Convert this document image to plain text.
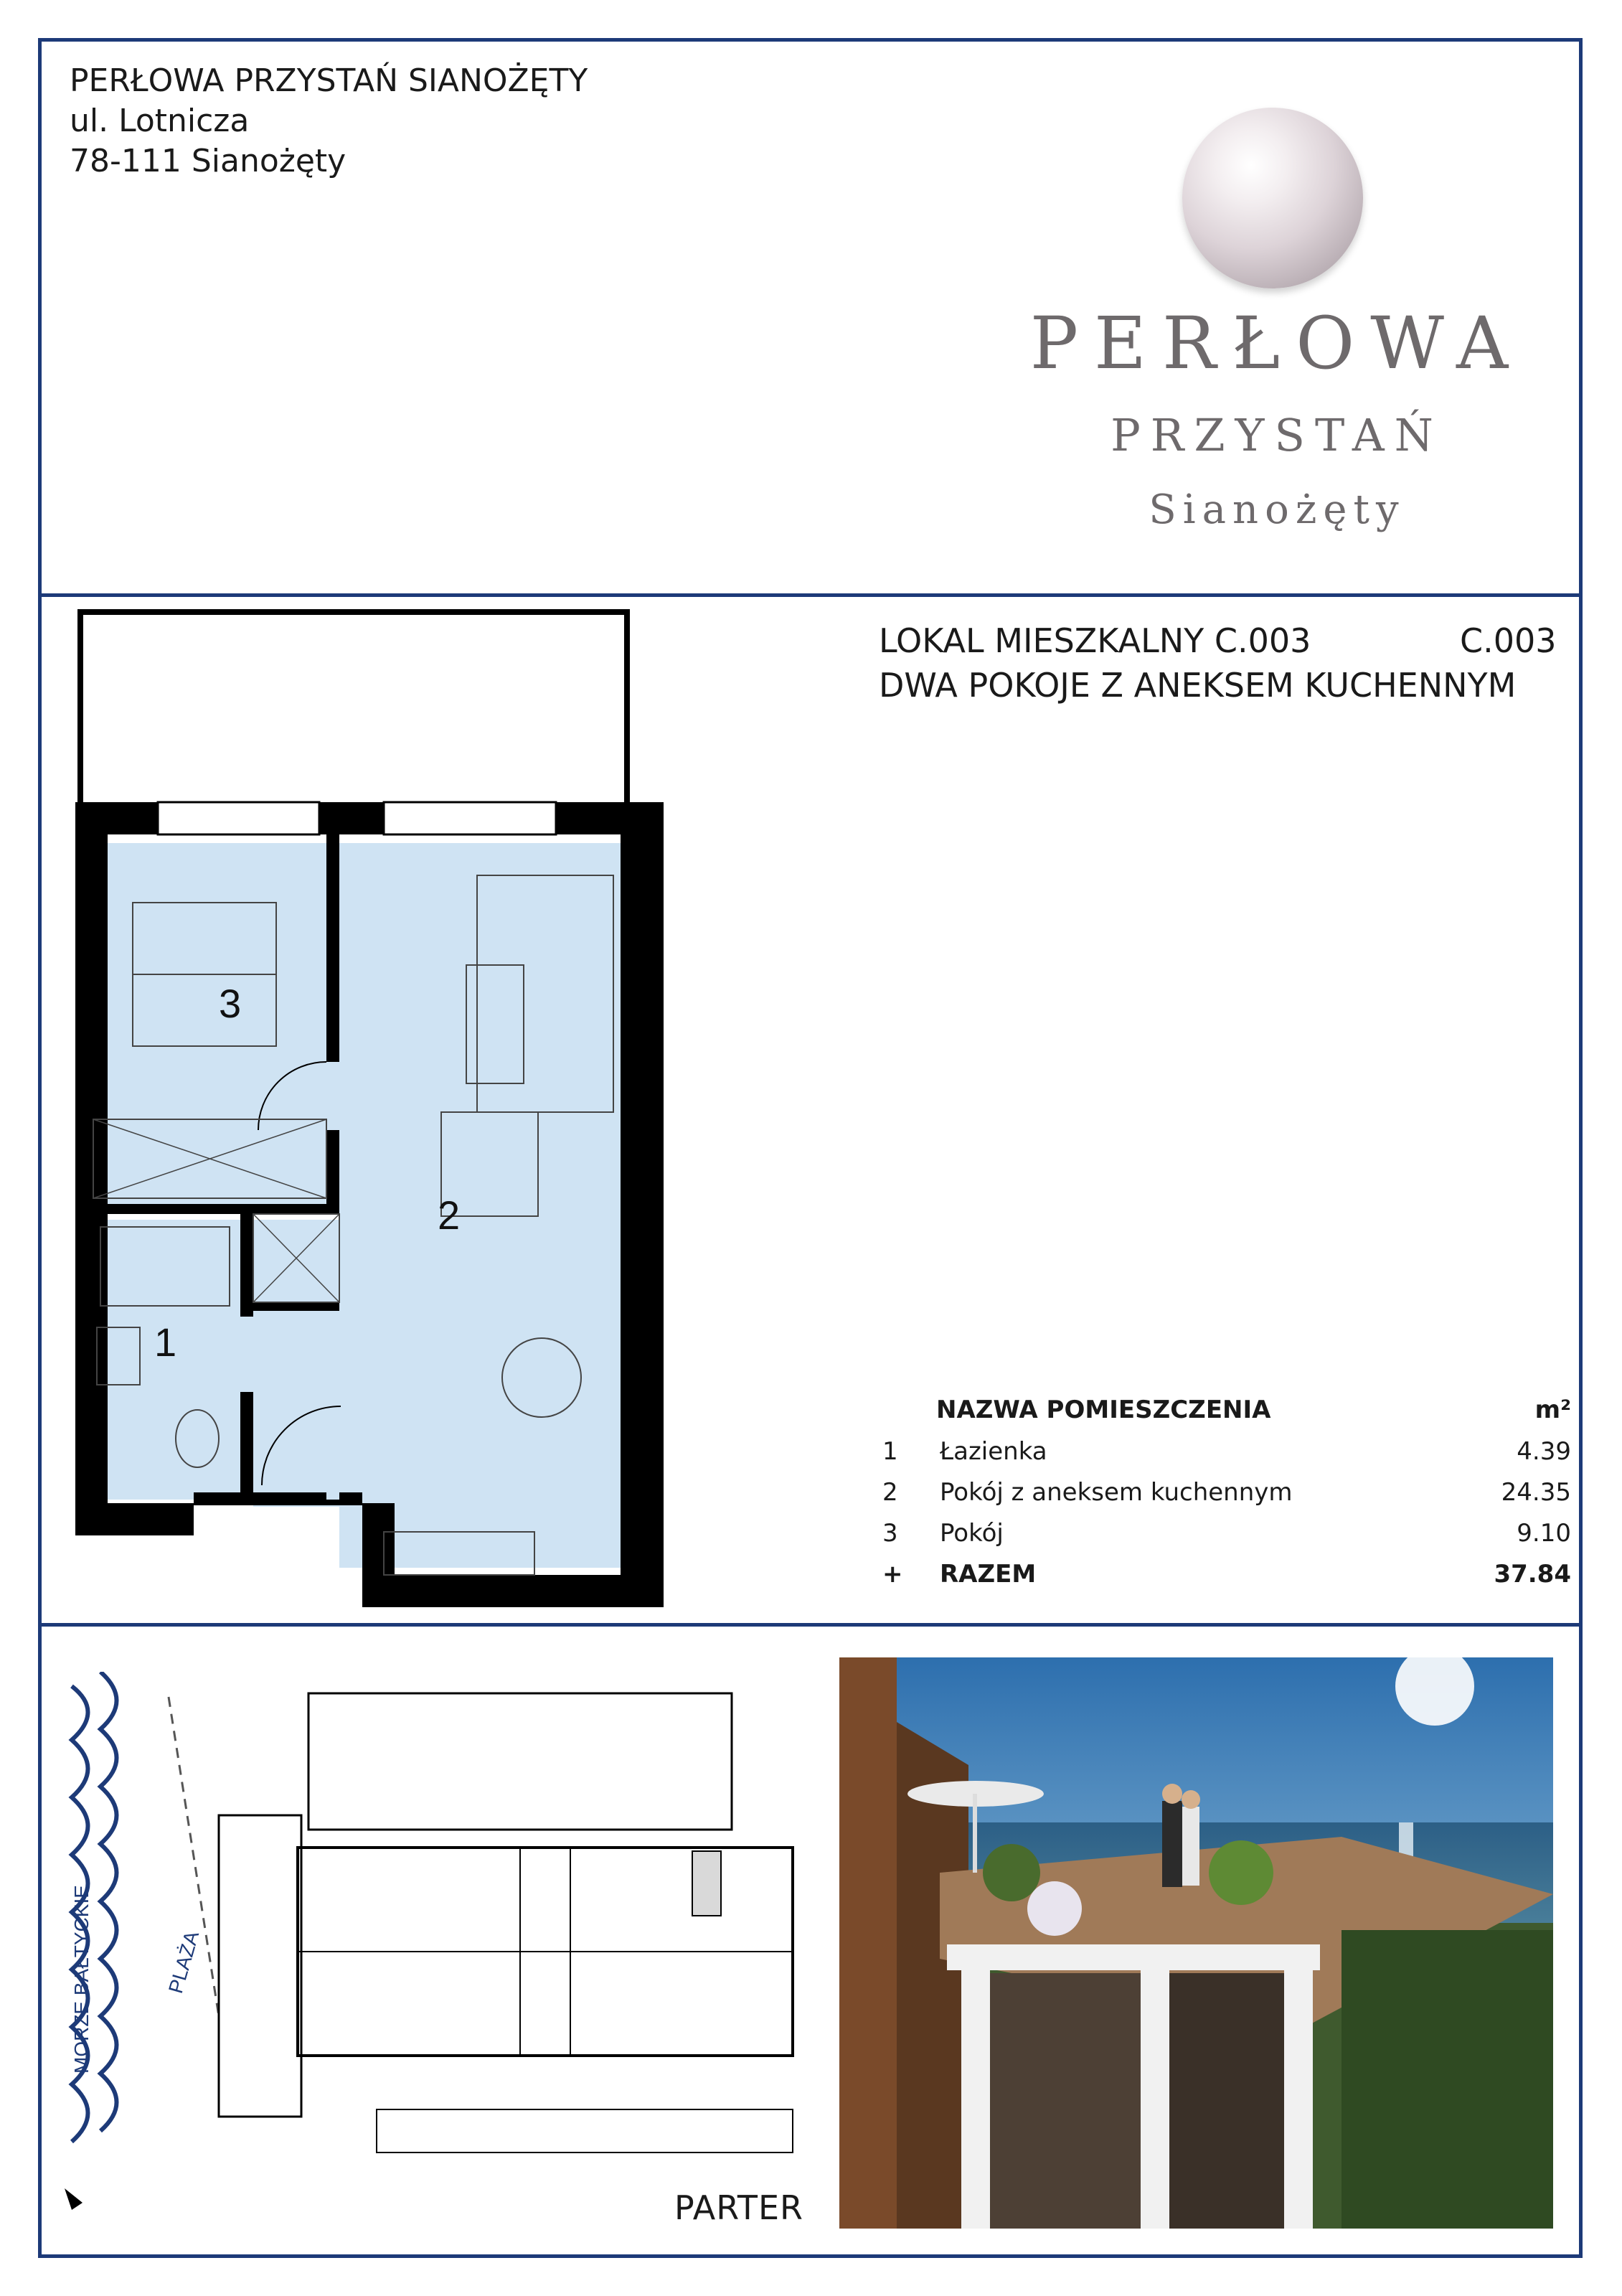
PERŁOWA PRZYSTAŃ SIANOŻĘTY
ul. Lotnicza
78-111 Sianożęty
PERŁOWA
PRZYSTAŃ
Sianożęty
LOKAL MIESZKALNY C.003
DWA POKOJE Z ANEKSEM KUCHENNYM
C.003
3
2
1
NAZWA POMIESZCZENIA	m²
1	Łazienka	4.39
2	Pokój z aneksem kuchennym	24.35
3	Pokój	9.10
+	RAZEM	37.84
MORZE BAŁTYCKIE	PLAŻA
PARTER
